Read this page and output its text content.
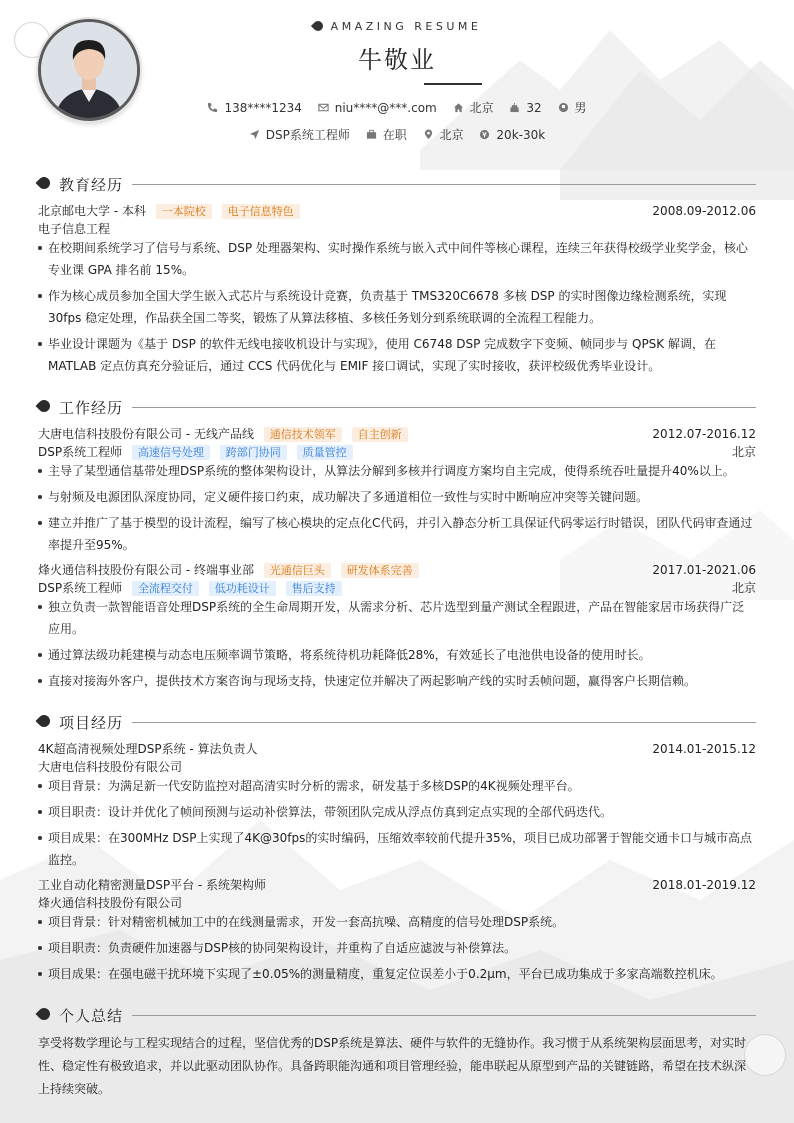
AMAZING RESUME
牛敬业
138****1234	niu****@***.com	北京	32	男
DSP系统工程师	在职	北京	20k-30k
教育经历
北京邮电大学 - 本科 一本院校 电子信息特色	2008.09-2012.06
电子信息工程
在校期间系统学习了信号与系统、DSP 处理器架构、实时操作系统与嵌入式中间件等核心课程，连续三年获得校级学业奖学金，核心专业课 GPA 排名前 15%。
作为核心成员参加全国大学生嵌入式芯片与系统设计竞赛，负责基于 TMS320C6678 多核 DSP 的实时图像边缘检测系统，实现 30fps 稳定处理，作品获全国二等奖，锻炼了从算法移植、多核任务划分到系统联调的全流程工程能力。
毕业设计课题为《基于 DSP 的软件无线电接收机设计与实现》，使用 C6748 DSP 完成数字下变频、帧同步与 QPSK 解调，在 MATLAB 定点仿真充分验证后，通过 CCS 代码优化与 EMIF 接口调试，实现了实时接收，获评校级优秀毕业设计。
工作经历
大唐电信科技股份有限公司 - 无线产品线 通信技术领军 自主创新	2012.07-2016.12
DSP系统工程师 高速信号处理 跨部门协同 质量管控	北京
主导了某型通信基带处理DSP系统的整体架构设计，从算法分解到多核并行调度方案均自主完成，使得系统吞吐量提升40%以上。
与射频及电源团队深度协同，定义硬件接口约束，成功解决了多通道相位一致性与实时中断响应冲突等关键问题。
建立并推广了基于模型的设计流程，编写了核心模块的定点化C代码，并引入静态分析工具保证代码零运行时错误，团队代码审查通过率提升至95%。
烽火通信科技股份有限公司 - 终端事业部 光通信巨头 研发体系完善	2017.01-2021.06
DSP系统工程师 全流程交付 低功耗设计 售后支持	北京
独立负责一款智能语音处理DSP系统的全生命周期开发，从需求分析、芯片选型到量产测试全程跟进，产品在智能家居市场获得广泛应用。
通过算法级功耗建模与动态电压频率调节策略，将系统待机功耗降低28%，有效延长了电池供电设备的使用时长。
直接对接海外客户，提供技术方案咨询与现场支持，快速定位并解决了两起影响产线的实时丢帧问题，赢得客户长期信赖。
项目经历
4K超高清视频处理DSP系统 - 算法负责人	2014.01-2015.12
大唐电信科技股份有限公司
项目背景：为满足新一代安防监控对超高清实时分析的需求，研发基于多核DSP的4K视频处理平台。
项目职责：设计并优化了帧间预测与运动补偿算法，带领团队完成从浮点仿真到定点实现的全部代码迭代。
项目成果：在300MHz DSP上实现了4K@30fps的实时编码，压缩效率较前代提升35%，项目已成功部署于智能交通卡口与城市高点监控。
工业自动化精密测量DSP平台 - 系统架构师	2018.01-2019.12
烽火通信科技股份有限公司
项目背景：针对精密机械加工中的在线测量需求，开发一套高抗噪、高精度的信号处理DSP系统。
项目职责：负责硬件加速器与DSP核的协同架构设计，并重构了自适应滤波与补偿算法。
项目成果：在强电磁干扰环境下实现了±0.05%的测量精度，重复定位误差小于0.2μm，平台已成功集成于多家高端数控机床。
个人总结

享受将数学理论与工程实现结合的过程，坚信优秀的DSP系统是算法、硬件与软件的无缝协作。我习惯于从系统架构层面思考，对实时性、稳定性有极致追求，并以此驱动团队协作。具备跨职能沟通和项目管理经验，能串联起从原型到产品的关键链路，希望在技术纵深上持续突破。
